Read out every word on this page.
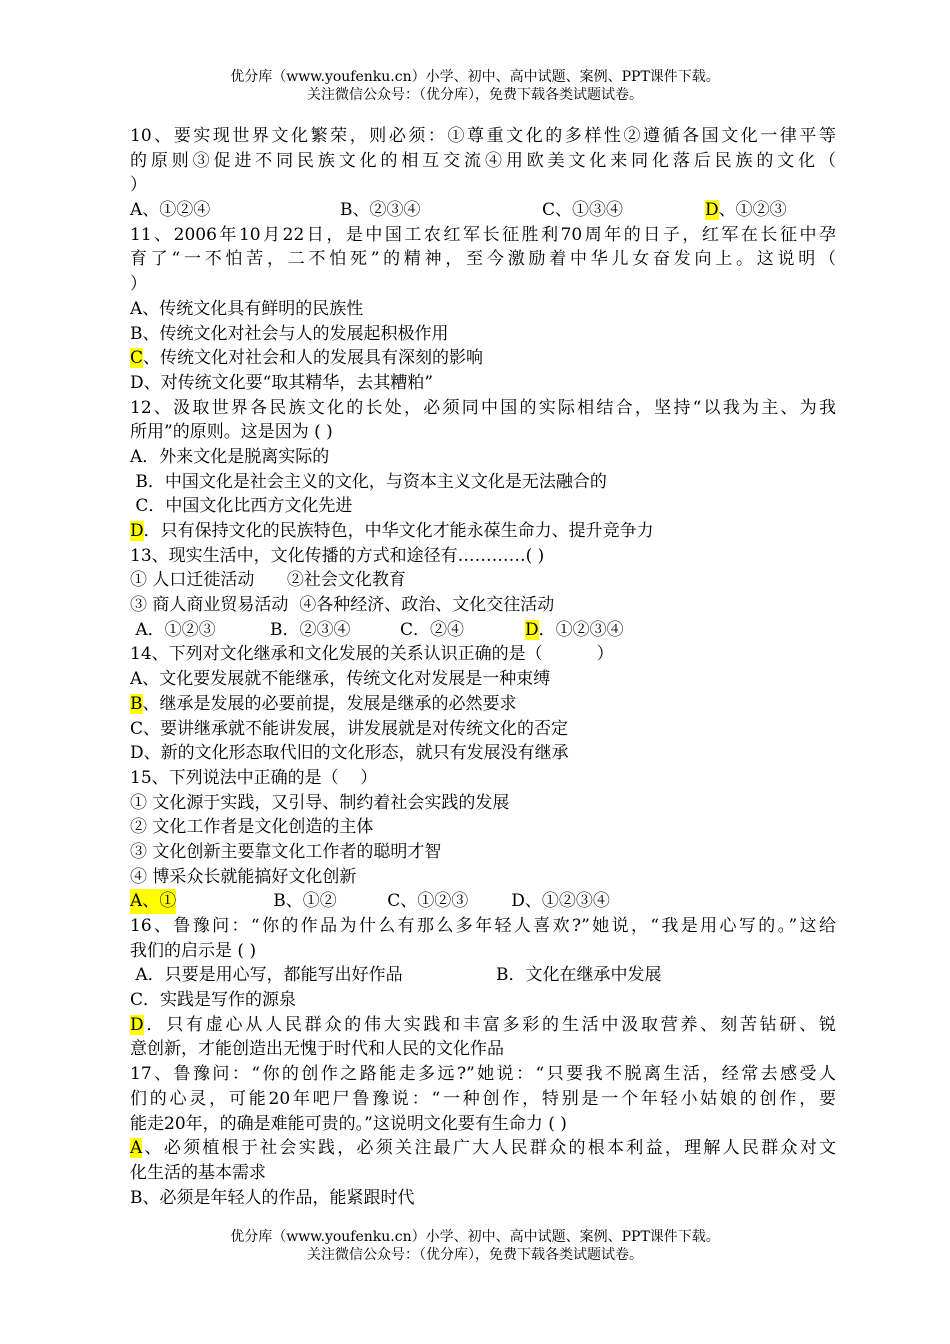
优分库（www.youfenku.cn）小学、初中、高中试题、案例、PPT课件下载。
关注微信公众号：（优分库），免费下载各类试题试卷。
10、要实现世界文化繁荣，则必须：①尊重文化的多样性②遵循各国文化一律平等
的原则③促进不同民族文化的相互交流④用欧美文化来同化落后民族的文化（
）
A、①②④	B、②③④	C、①③④	D、①②③
11、2006年10月22日，是中国工农红军长征胜利70周年的日子，红军在长征中孕
育了“一不怕苦，二不怕死”的精神，至今激励着中华儿女奋发向上。这说明（
）
A、传统文化具有鲜明的民族性
B、传统文化对社会与人的发展起积极作用
C、传统文化对社会和人的发展具有深刻的影响
D、对传统文化要“取其精华，去其糟粕”
12、汲取世界各民族文化的长处，必须同中国的实际相结合，坚持“以我为主、为我
所用”的原则。这是因为 ( )
A．外来文化是脱离实际的
B．中国文化是社会主义的文化，与资本主义文化是无法融合的
C．中国文化比西方文化先进
D．只有保持文化的民族特色，中华文化才能永葆生命力、提升竞争力
13、现实生活中，文化传播的方式和途径有…………( )
① 人口迁徙活动      ②社会文化教育
③ 商人商业贸易活动  ④各种经济、政治、文化交往活动
A．①②③	B．②③④	C．②④	D．①②③④
14、下列对文化继承和文化发展的关系认识正确的是（          ）
A、文化要发展就不能继承，传统文化对发展是一种束缚
B、继承是发展的必要前提，发展是继承的必然要求
C、要讲继承就不能讲发展，讲发展就是对传统文化的否定
D、新的文化形态取代旧的文化形态，就只有发展没有继承
15、下列说法中正确的是（    ）
① 文化源于实践，又引导、制约着社会实践的发展
② 文化工作者是文化创造的主体
③ 文化创新主要靠文化工作者的聪明才智
④ 博采众长就能搞好文化创新
A、①	B、①②	C、①②③	D、①②③④
16、鲁豫问：“你的作品为什么有那么多年轻人喜欢?”她说，“我是用心写的。”这给
我们的启示是 ( )
A．只要是用心写，都能写出好作品	B．文化在继承中发展
C．实践是写作的源泉
D．只有虚心从人民群众的伟大实践和丰富多彩的生活中汲取营养、刻苦钻研、锐
意创新，才能创造出无愧于时代和人民的文化作品
17、鲁豫问：“你的创作之路能走多远?”她说：“只要我不脱离生活，经常去感受人
们的心灵，可能20年吧尸鲁豫说：“一种创作，特别是一个年轻小姑娘的创作，要
能走20年，的确是难能可贵的。”这说明文化要有生命力 ( )
A、必须植根于社会实践，必须关注最广大人民群众的根本利益，理解人民群众对文
化生活的基本需求
B、必须是年轻人的作品，能紧跟时代
优分库（www.youfenku.cn）小学、初中、高中试题、案例、PPT课件下载。
关注微信公众号：（优分库），免费下载各类试题试卷。
